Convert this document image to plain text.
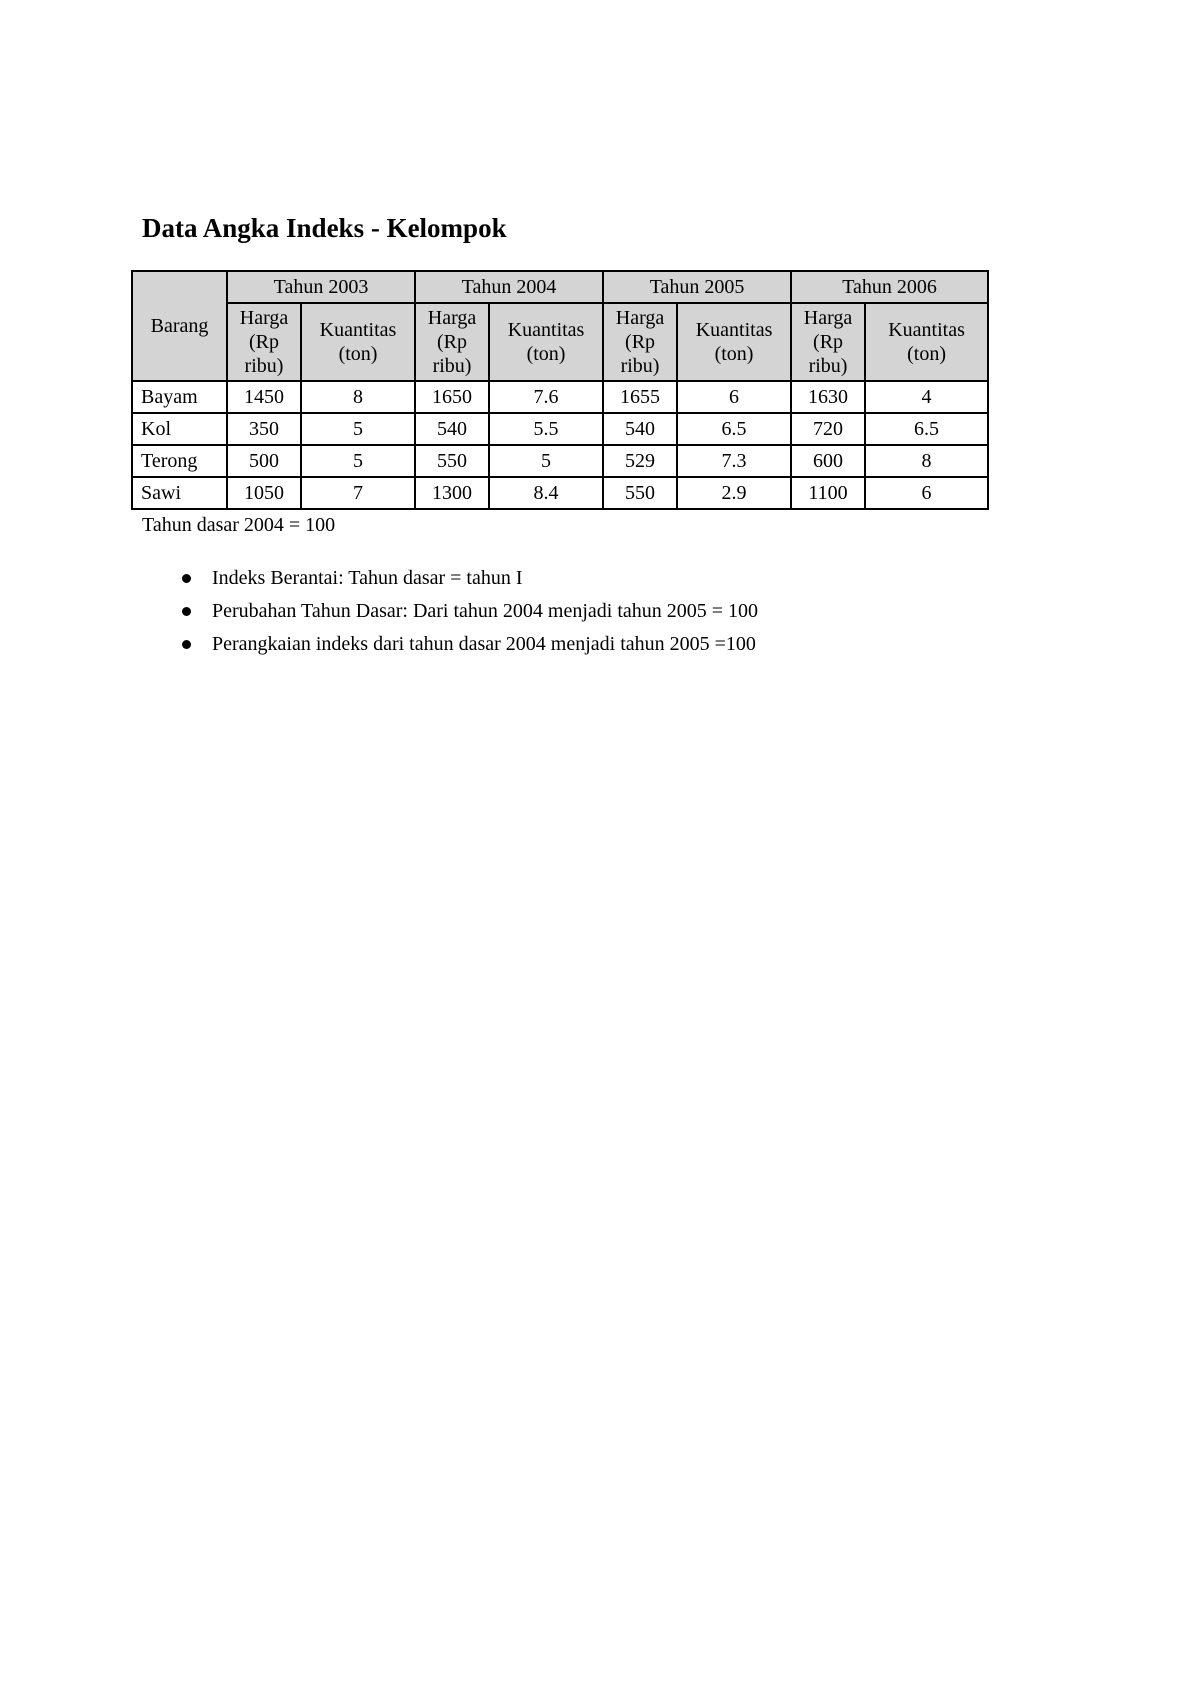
Data Angka Indeks - Kelompok
Barang	Tahun 2003		Tahun 2004		Tahun 2005		Tahun 2006	

	Harga (Rp ribu)	Kuantitas (ton)	Harga (Rp ribu)	Kuantitas (ton)	Harga (Rp ribu)	Kuantitas (ton)	Harga (Rp ribu)	Kuantitas (ton)
Bayam	1450	8	1650	7.6	1655	6	1630	4
Kol	350	5	540	5.5	540	6.5	720	6.5
Terong	500	5	550	5	529	7.3	600	8
Sawi	1050	7	1300	8.4	550	2.9	1100	6

Tahun dasar 2004 = 100

Indeks Berantai: Tahun dasar = tahun I
Perubahan Tahun Dasar: Dari tahun 2004 menjadi tahun 2005 = 100
Perangkaian indeks dari tahun dasar 2004 menjadi tahun 2005 =100
